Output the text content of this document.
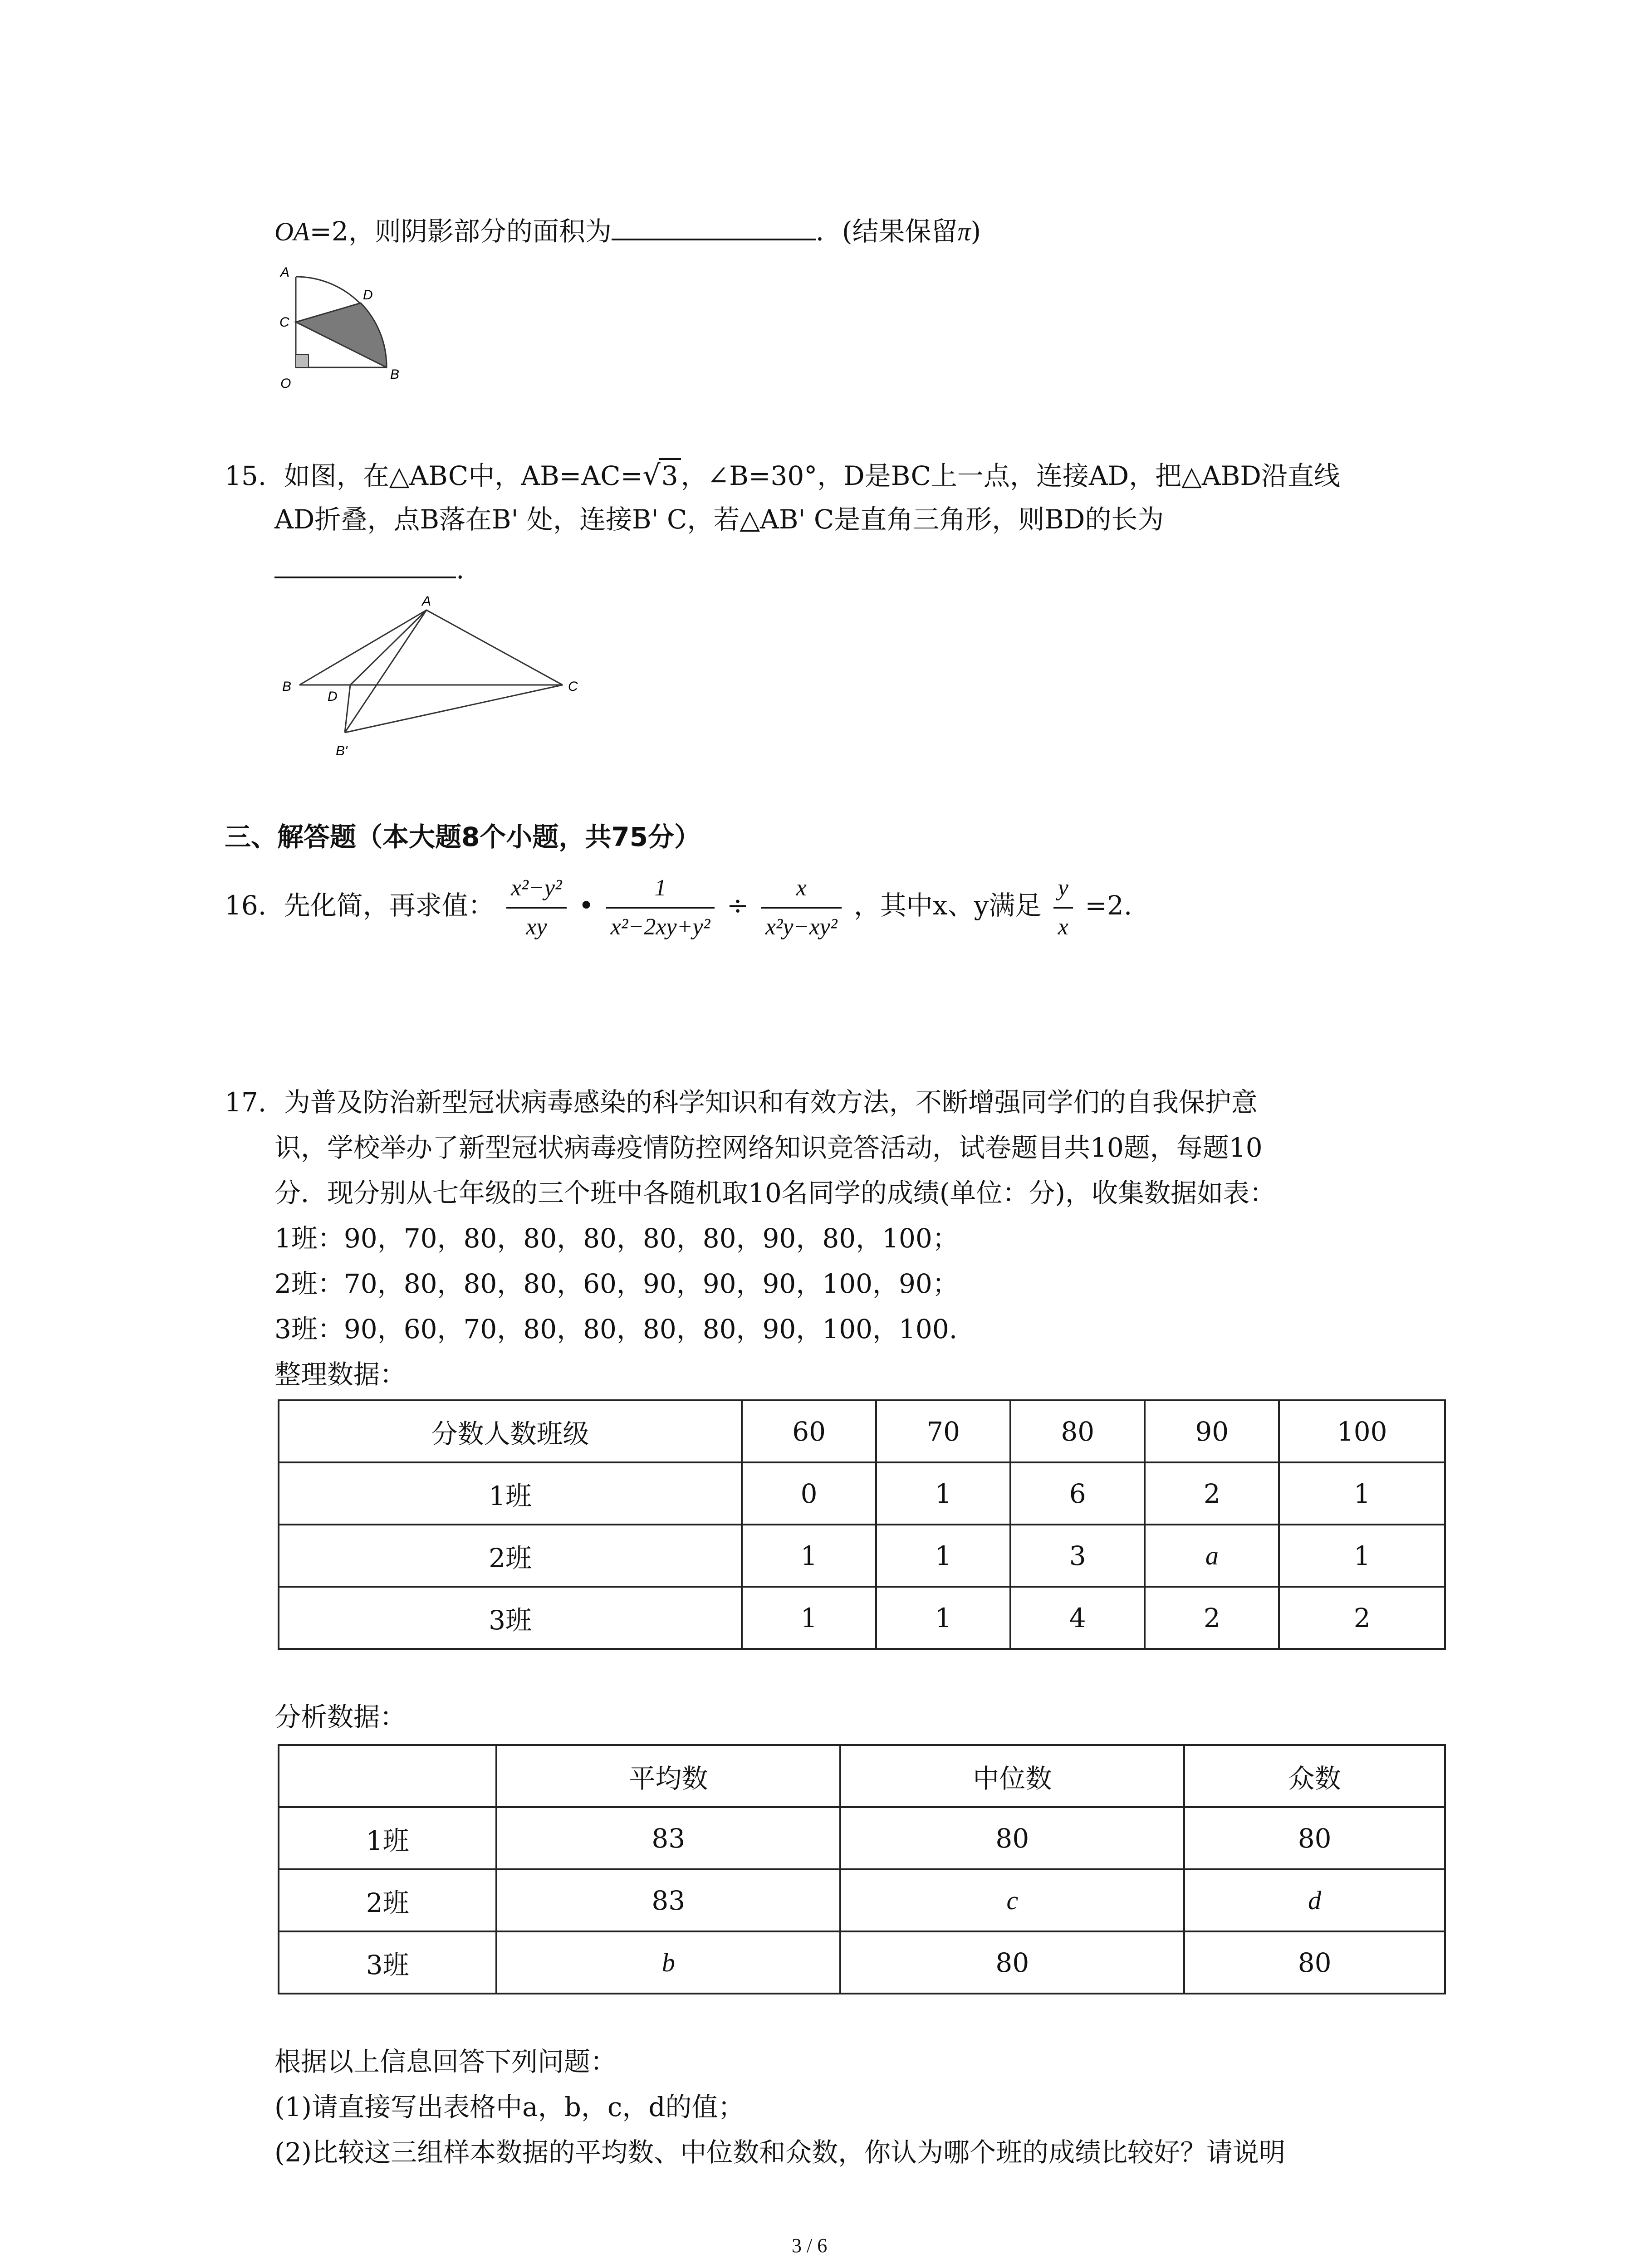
OA=2，则阴影部分的面积为	．(结果保留π)
A
D
C
O
B
15. 如图，在△ABC中，AB=AC=√3 ，∠B=30°，D是BC上一点，连接AD，把△ABD沿直线
AD折叠，点B落在B' 处，连接B' C，若△AB' C是直角三角形，则BD的长为
.
A
B
D
C
B'
三、解答题（本大题8个小题，共75分）
16. 先化简，再求值： $\frac{\text{x²−y²}}{xy}$ • $\frac{1}{\text{x²−2xy+y²}} \div \frac{x}{\text{x²y−xy²}}$ ，其中x、y满足 $\frac{y}{x} =2$.
17. 为普及防治新型冠状病毒感染的科学知识和有效方法，不断增强同学们的自我保护意
识，学校举办了新型冠状病毒疫情防控网络知识竞答活动，试卷题目共10题，每题10
分．现分别从七年级的三个班中各随机取10名同学的成绩(单位：分)，收集数据如表：
1班：90，70，80，80，80，80，80，90，80，100；
2班：70，80，80，80，60，90，90，90，100，90；
3班：90，60，70，80，80，80，80，90，100，100.
整理数据：
分数人数班级	60	70	80	90	100
1班	0	1	6	2	1
2班	1	1	3	a	1
3班	1	1	4	2	2
分析数据：
	平均数	中位数	众数
1班	83	80	80
2班	83	c	d
3班	b	80	80
根据以上信息回答下列问题：
(1)请直接写出表格中a，b，c，d的值；
(2)比较这三组样本数据的平均数、中位数和众数，你认为哪个班的成绩比较好？请说明
3 / 6
